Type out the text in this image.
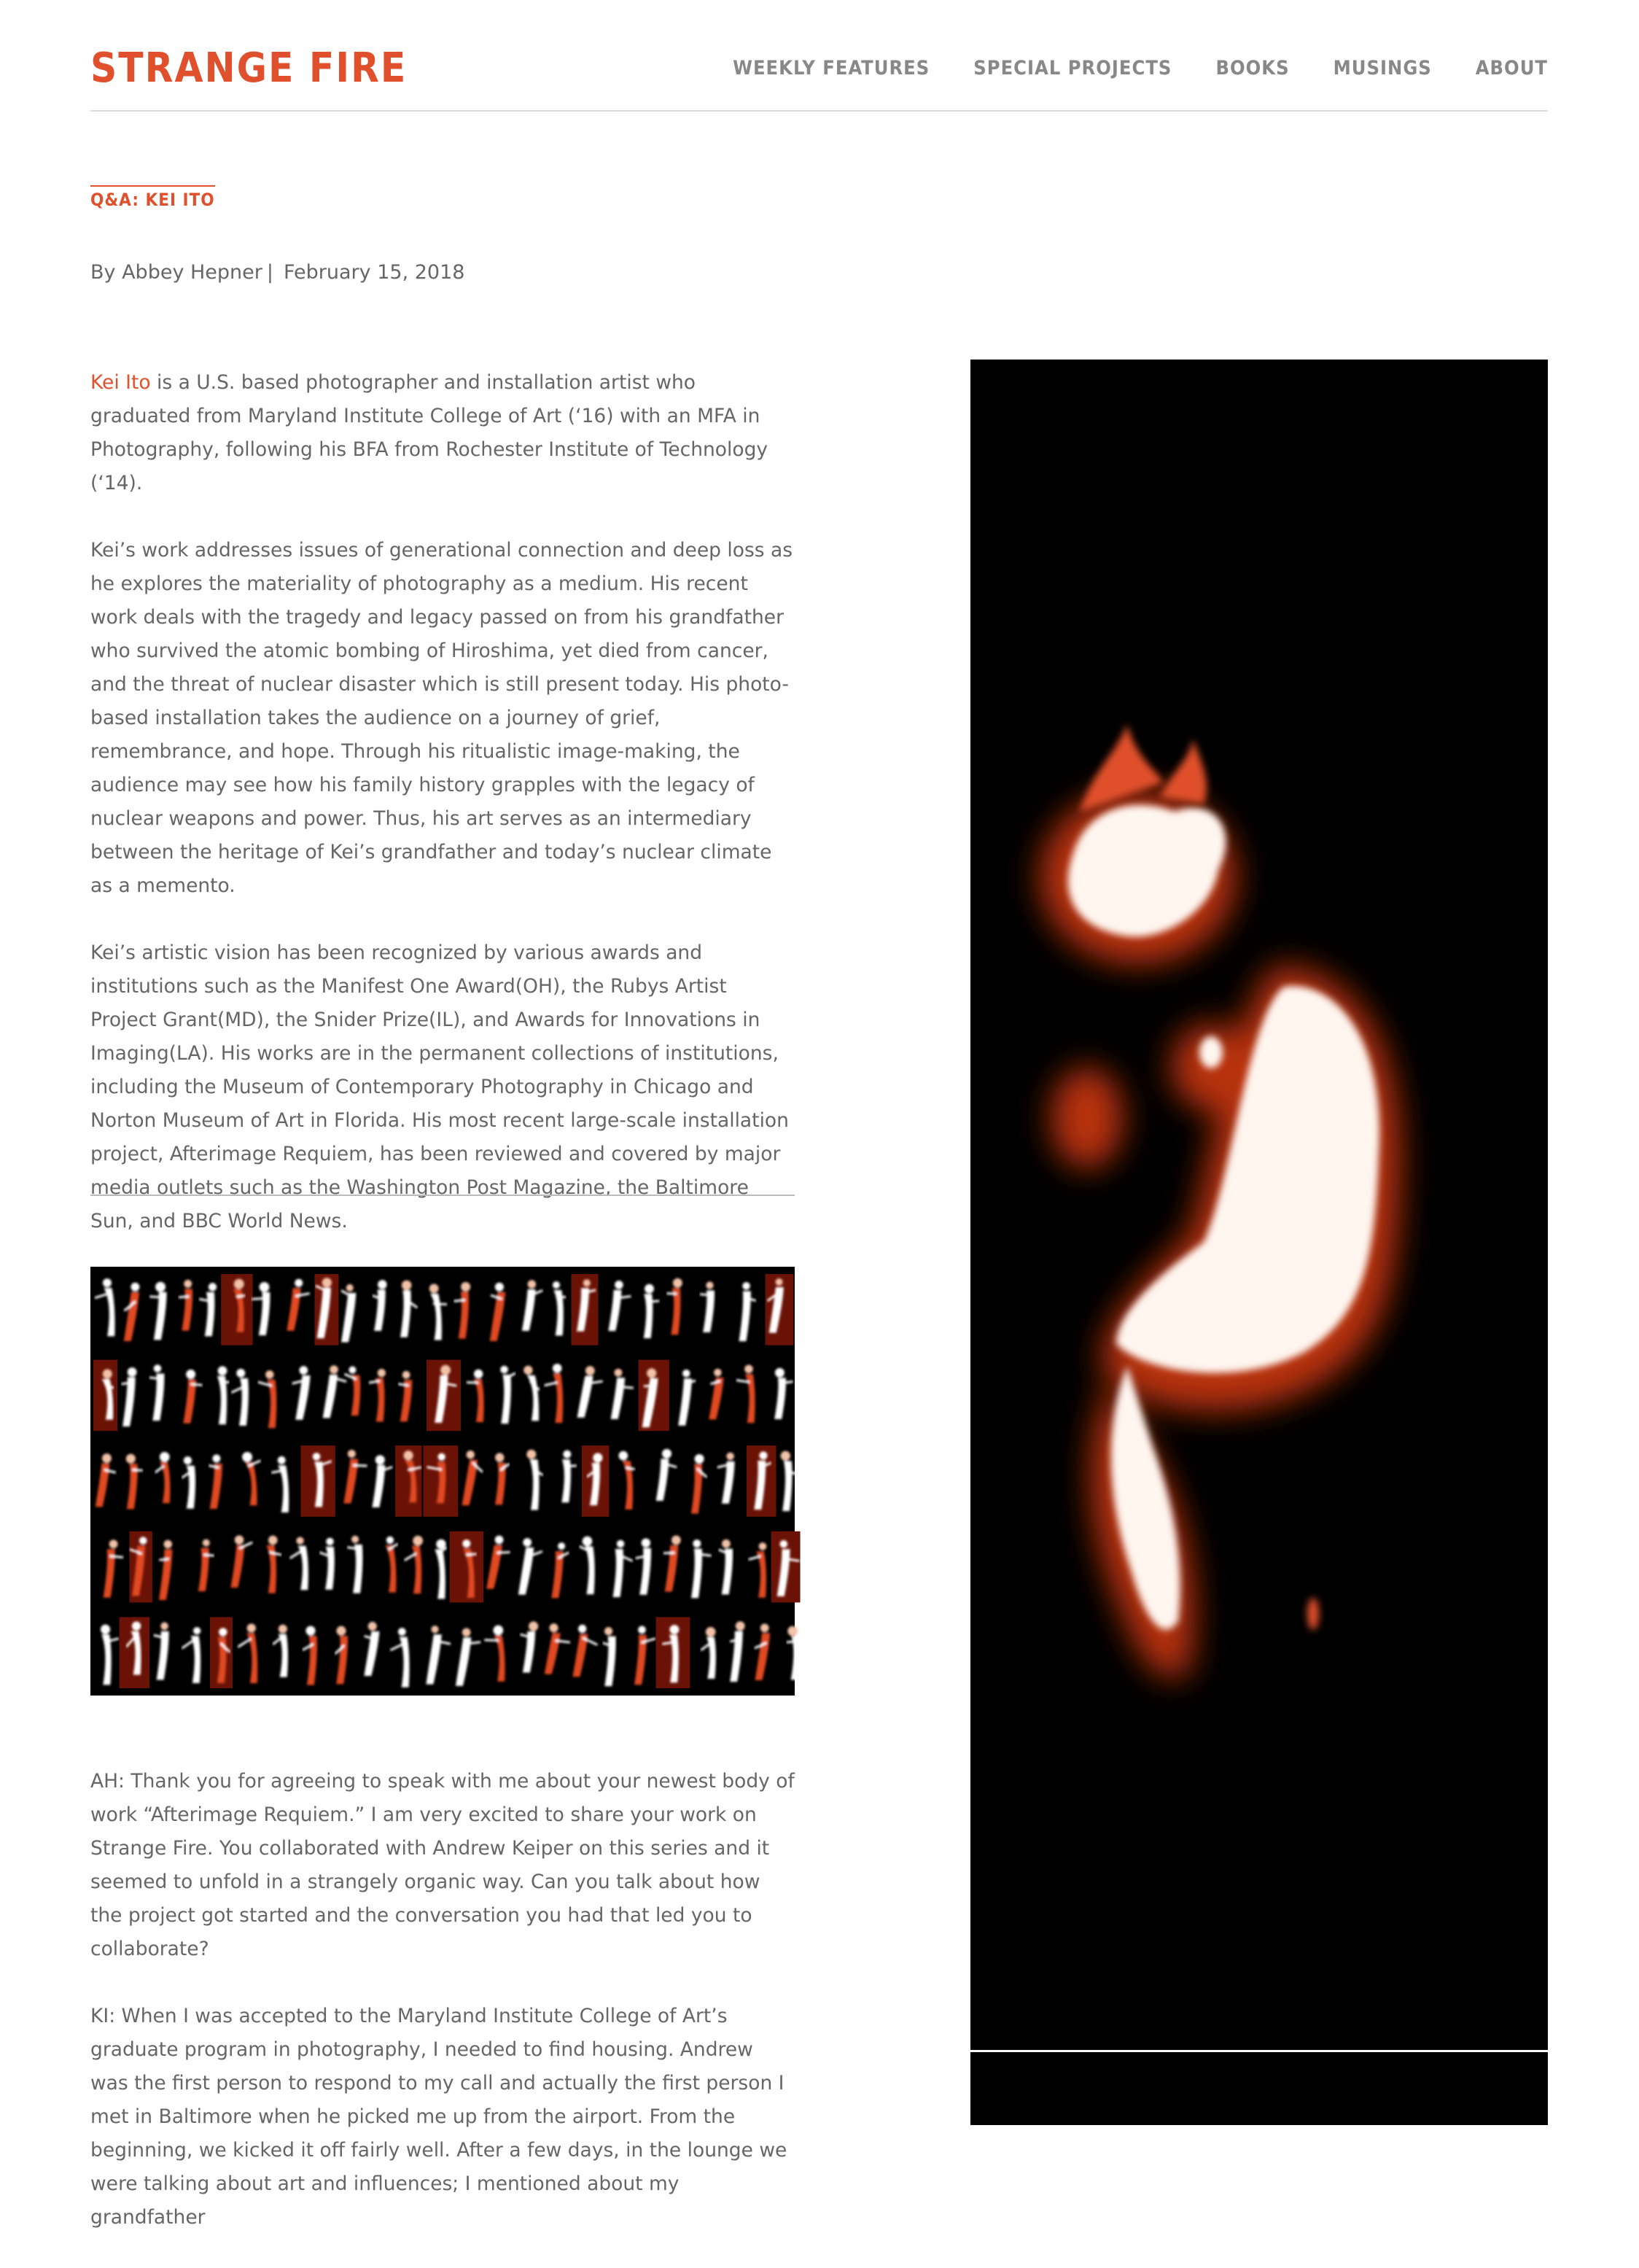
STRANGE FIRE	WEEKLY FEATURES SPECIAL PROJECTS BOOKS MUSINGS ABOUT
Q&A: KEI ITO
By Abbey Hepner | February 15, 2018

Kei Ito is a U.S. based photographer and installation artist who graduated from Maryland Institute College of Art (‘16) with an MFA in Photography, following his BFA from Rochester Institute of Technology (‘14).

Kei’s work addresses issues of generational connection and deep loss as he explores the materiality of photography as a medium. His recent work deals with the tragedy and legacy passed on from his grandfather who survived the atomic bombing of Hiroshima, yet died from cancer, and the threat of nuclear disaster which is still present today. His photo-based installation takes the audience on a journey of grief, remembrance, and hope. Through his ritualistic image-making, the audience may see how his family history grapples with the legacy of nuclear weapons and power. Thus, his art serves as an intermediary between the heritage of Kei’s grandfather and today’s nuclear climate as a memento.

Kei’s artistic vision has been recognized by various awards and institutions such as the Manifest One Award(OH), the Rubys Artist Project Grant(MD), the Snider Prize(IL), and Awards for Innovations in Imaging(LA). His works are in the permanent collections of institutions, including the Museum of Contemporary Photography in Chicago and Norton Museum of Art in Florida. His most recent large-scale installation project, Afterimage Requiem, has been reviewed and covered by major media outlets such as the Washington Post Magazine, the Baltimore Sun, and BBC World News.

AH: Thank you for agreeing to speak with me about your newest body of work “Afterimage Requiem.” I am very excited to share your work on Strange Fire. You collaborated with Andrew Keiper on this series and it seemed to unfold in a strangely organic way. Can you talk about how the project got started and the conversation you had that led you to collaborate?

KI: When I was accepted to the Maryland Institute College of Art’s graduate program in photography, I needed to find housing. Andrew was the first person to respond to my call and actually the first person I met in Baltimore when he picked me up from the airport. From the beginning, we kicked it off fairly well. After a few days, in the lounge we were talking about art and influences; I mentioned about my grandfather
